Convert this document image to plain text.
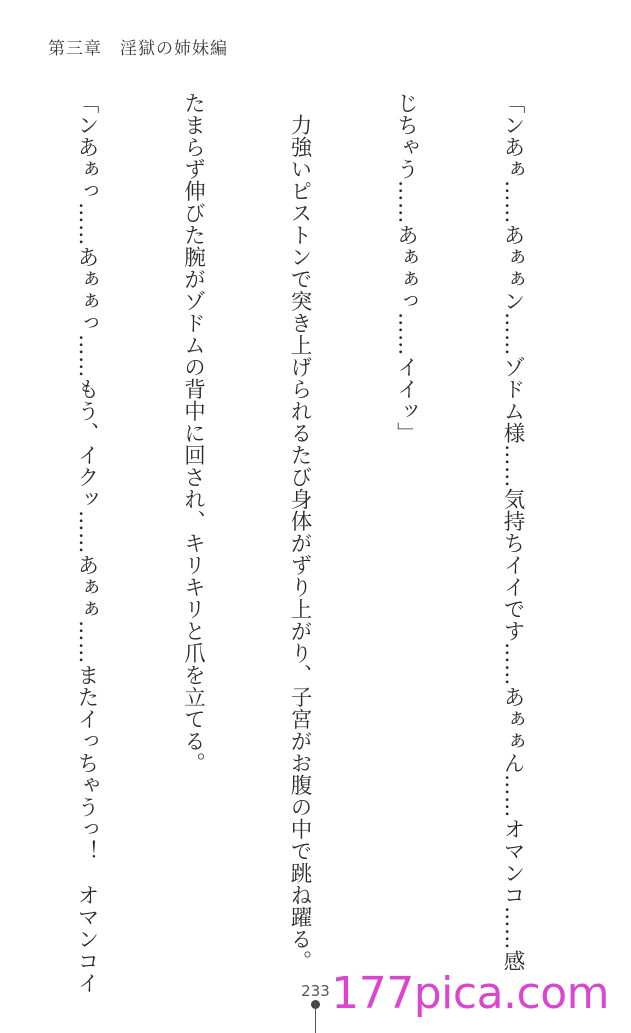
第三章　淫獄の姉妹編

「ンあぁ……あぁぁン……ゾドム様……気持ちイイです……あぁぁん……オマンコ……感

じちゃう……あぁぁっ……イイッ」

　力強いピストンで突き上げられるたび身体がずり上がり、子宮がお腹の中で跳ね躍る。

たまらず伸びた腕がゾドムの背中に回され、キリキリと爪を立てる。

「ンあぁっ……あぁぁっ……もう、イクッ……あぁぁ……またイっちゃうっ！　オマンコイ

	233 177pica.com
